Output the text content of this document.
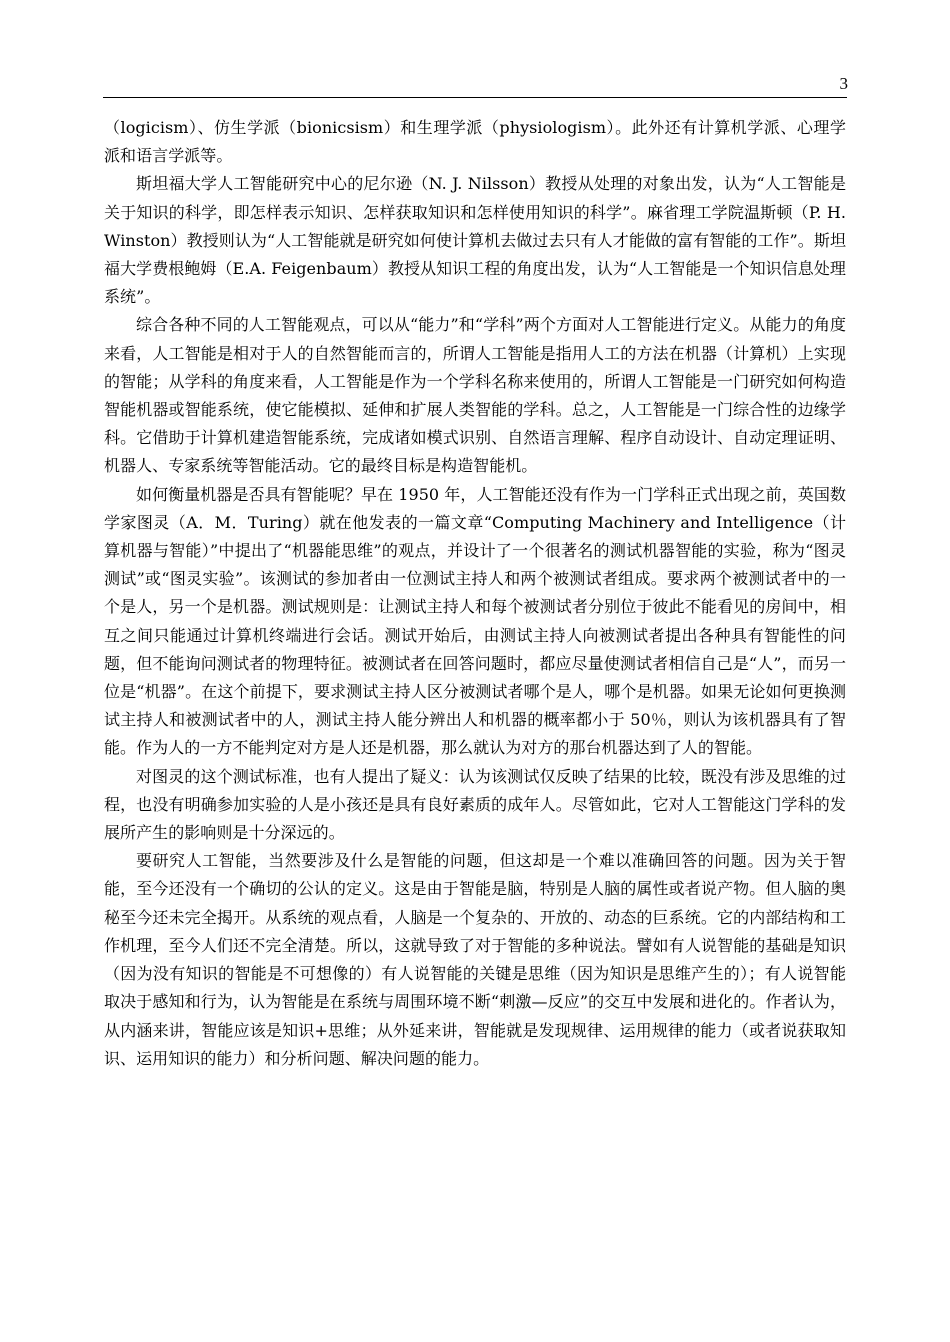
3

（logicism）、仿生学派（bionicsism）和生理学派（physiologism）。此外还有计算机学派、心理学派和语言学派等。

斯坦福大学人工智能研究中心的尼尔逊（N. J. Nilsson）教授从处理的对象出发，认为“人工智能是关于知识的科学，即怎样表示知识、怎样获取知识和怎样使用知识的科学”。麻省理工学院温斯顿（P. H. Winston）教授则认为“人工智能就是研究如何使计算机去做过去只有人才能做的富有智能的工作”。斯坦福大学费根鲍姆（E.A. Feigenbaum）教授从知识工程的角度出发，认为“人工智能是一个知识信息处理系统”。

综合各种不同的人工智能观点，可以从“能力”和“学科”两个方面对人工智能进行定义。从能力的角度来看，人工智能是相对于人的自然智能而言的，所谓人工智能是指用人工的方法在机器（计算机）上实现的智能；从学科的角度来看，人工智能是作为一个学科名称来使用的，所谓人工智能是一门研究如何构造智能机器或智能系统，使它能模拟、延伸和扩展人类智能的学科。总之，人工智能是一门综合性的边缘学科。它借助于计算机建造智能系统，完成诸如模式识别、自然语言理解、程序自动设计、自动定理证明、机器人、专家系统等智能活动。它的最终目标是构造智能机。

如何衡量机器是否具有智能呢？早在 1950 年，人工智能还没有作为一门学科正式出现之前，英国数学家图灵（A．M．Turing）就在他发表的一篇文章“Computing Machinery and Intelligence（计算机器与智能）”中提出了“机器能思维”的观点，并设计了一个很著名的测试机器智能的实验，称为“图灵测试”或“图灵实验”。该测试的参加者由一位测试主持人和两个被测试者组成。要求两个被测试者中的一个是人，另一个是机器。测试规则是：让测试主持人和每个被测试者分别位于彼此不能看见的房间中，相互之间只能通过计算机终端进行会话。测试开始后，由测试主持人向被测试者提出各种具有智能性的问题，但不能询问测试者的物理特征。被测试者在回答问题时，都应尽量使测试者相信自己是“人”，而另一位是“机器”。在这个前提下，要求测试主持人区分被测试者哪个是人，哪个是机器。如果无论如何更换测试主持人和被测试者中的人，测试主持人能分辨出人和机器的概率都小于 50％，则认为该机器具有了智能。作为人的一方不能判定对方是人还是机器，那么就认为对方的那台机器达到了人的智能。

对图灵的这个测试标准，也有人提出了疑义：认为该测试仅反映了结果的比较，既没有涉及思维的过程，也没有明确参加实验的人是小孩还是具有良好素质的成年人。尽管如此，它对人工智能这门学科的发展所产生的影响则是十分深远的。

要研究人工智能，当然要涉及什么是智能的问题，但这却是一个难以准确回答的问题。因为关于智能，至今还没有一个确切的公认的定义。这是由于智能是脑，特别是人脑的属性或者说产物。但人脑的奥秘至今还未完全揭开。从系统的观点看，人脑是一个复杂的、开放的、动态的巨系统。它的内部结构和工作机理，至今人们还不完全清楚。所以，这就导致了对于智能的多种说法。譬如有人说智能的基础是知识（因为没有知识的智能是不可想像的）有人说智能的关键是思维（因为知识是思维产生的）；有人说智能取决于感知和行为，认为智能是在系统与周围环境不断“刺激—反应”的交互中发展和进化的。作者认为，从内涵来讲，智能应该是知识+思维；从外延来讲，智能就是发现规律、运用规律的能力（或者说获取知识、运用知识的能力）和分析问题、解决问题的能力。
